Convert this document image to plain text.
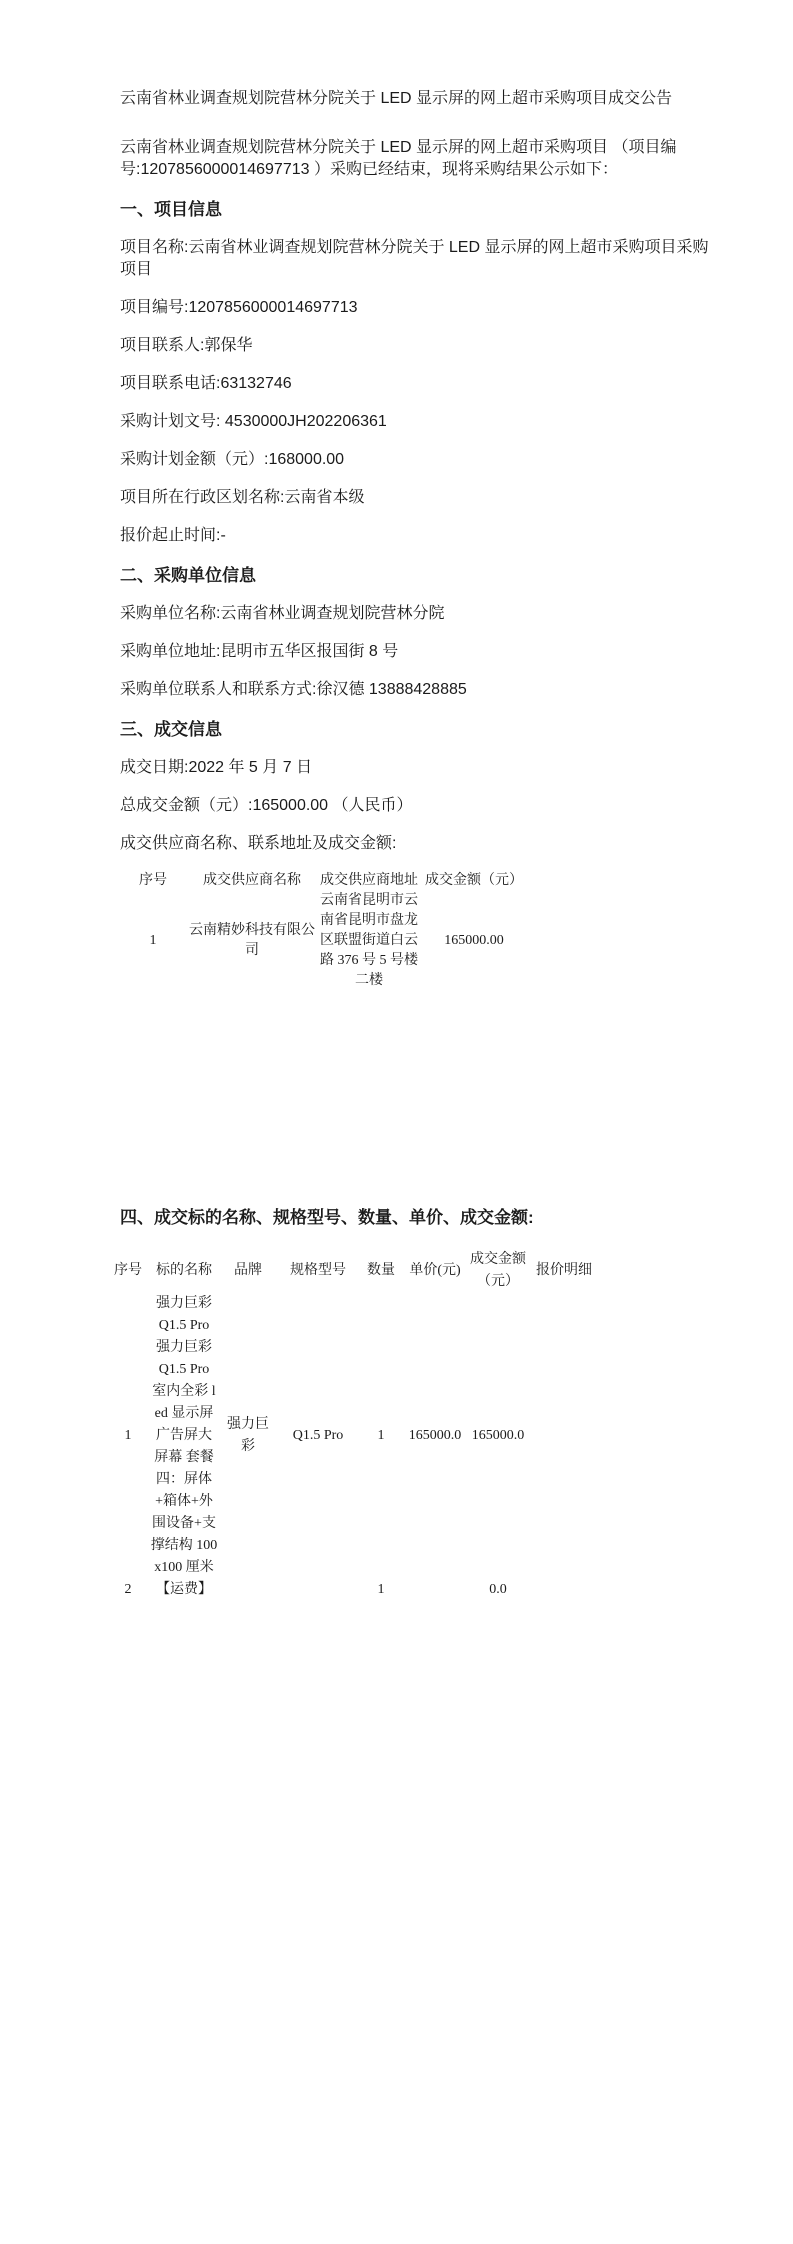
云南省林业调查规划院营林分院关于 LED 显示屏的网上超市采购项目成交公告

云南省林业调查规划院营林分院关于 LED 显示屏的网上超市采购项目 （项目编号:1207856000014697713 ）采购已经结束，现将采购结果公示如下：

一、项目信息

项目名称:云南省林业调查规划院营林分院关于 LED 显示屏的网上超市采购项目采购项目

项目编号:1207856000014697713

项目联系人:郭保华

项目联系电话:63132746

采购计划文号: 4530000JH202206361

采购计划金额（元）:168000.00

项目所在行政区划名称:云南省本级

报价起止时间:-

二、采购单位信息

采购单位名称:云南省林业调查规划院营林分院

采购单位地址:昆明市五华区报国街 8 号

采购单位联系人和联系方式:徐汉德 13888428885

三、成交信息

成交日期:2022 年 5 月 7 日

总成交金额（元）:165000.00 （人民币）

成交供应商名称、联系地址及成交金额:

序号	成交供应商名称	成交供应商地址	成交金额（元）
1	云南精妙科技有限公司	云南省昆明市云南省昆明市盘龙区联盟街道白云路 376 号 5 号楼二楼	165000.00
四、成交标的名称、规格型号、数量、单价、成交金额:
序号	标的名称	品牌	规格型号	数量	单价(元)	成交金额（元）	报价明细
1	强力巨彩 Q1.5 Pro 强力巨彩 Q1.5 Pro 室内全彩 led 显示屏广告屏大屏幕 套餐四：屏体+箱体+外围设备+支撑结构 100x100 厘米	强力巨彩	Q1.5 Pro	1	165000.0	165000.0	
2	【运费】			1		0.0	
